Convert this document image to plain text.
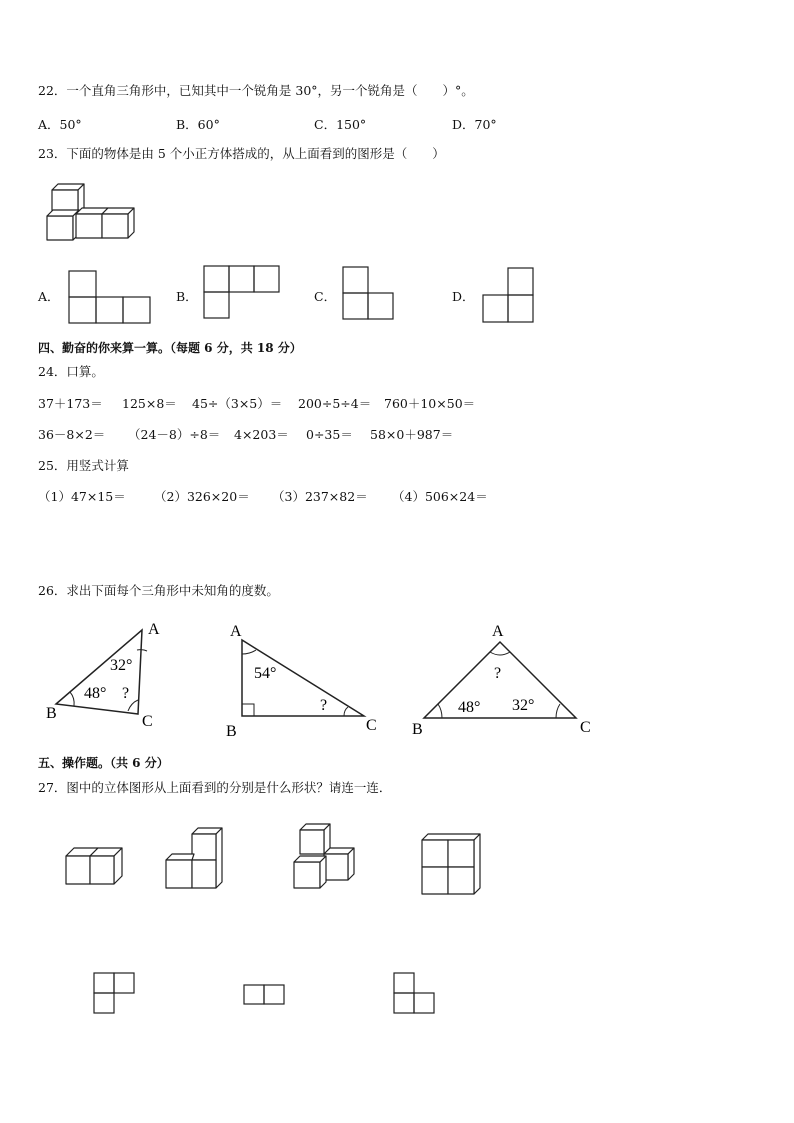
22．一个直角三角形中，已知其中一个锐角是 30°，另一个锐角是（　　）°。
A．50°	B．60°	C．150°	D．70°
23．下面的物体是由 5 个小正方体搭成的，从上面看到的图形是（　　）
A．	B．	C．	D．
四、勤奋的你来算一算。（每题 6 分，共 18 分）
24．口算。
37＋173＝ 125×8＝ 45÷（3×5）＝ 200÷5÷4＝ 760＋10×50＝
36－8×2＝ （24－8）÷8＝ 4×203＝ 0÷35＝ 58×0＋987＝
25．用竖式计算
（1）47×15＝ （2）326×20＝ （3）237×82＝ （4）506×24＝
26．求出下面每个三角形中未知角的度数。
A
B	C
32°
48° ?
A
B	C
54°
?
A
B	C
?
48° 32°
五、操作题。（共 6 分）
27．图中的立体图形从上面看到的分别是什么形状？请连一连．
